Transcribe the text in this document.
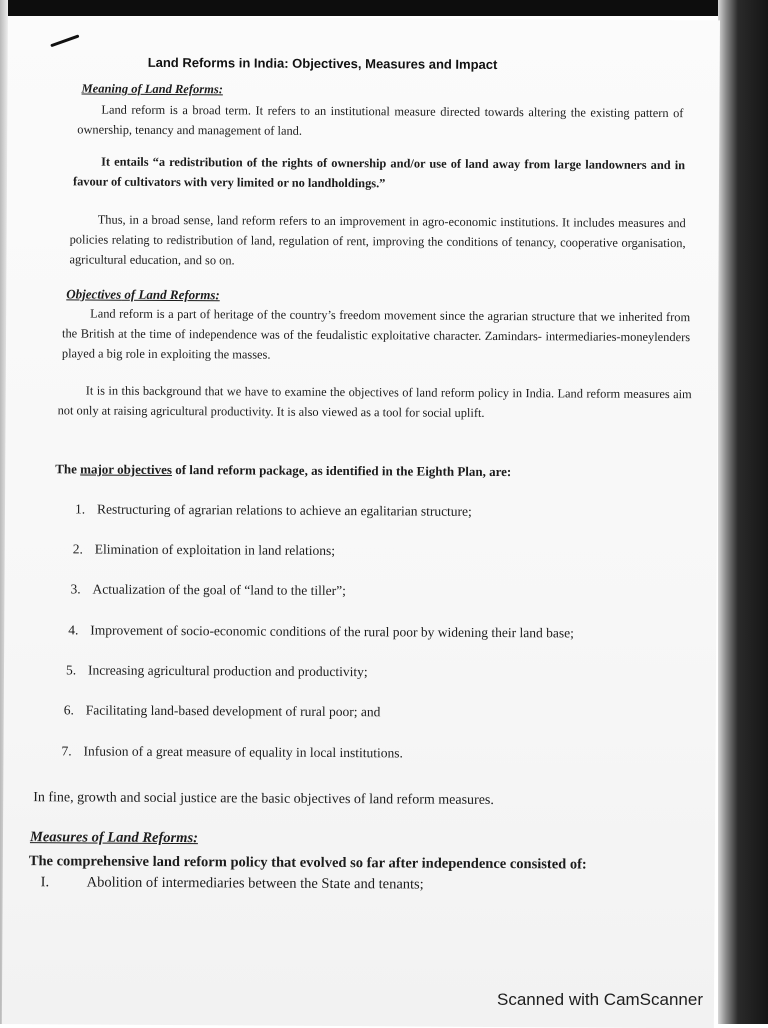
Land Reforms in India: Objectives, Measures and Impact
Meaning of Land Reforms:
Land reform is a broad term. It refers to an institutional measure directed towards altering the existing pattern of ownership, tenancy and management of land.
It entails “a redistribution of the rights of ownership and/or use of land away from large landowners and in favour of cultivators with very limited or no landholdings.”
Thus, in a broad sense, land reform refers to an improvement in agro-economic institutions. It includes measures and policies relating to redistribution of land, regulation of rent, improving the conditions of tenancy, cooperative organisation, agricultural education, and so on.
Objectives of Land Reforms:
Land reform is a part of heritage of the country’s freedom movement since the agrarian structure that we inherited from the British at the time of independence was of the feudalistic exploitative character. Zamindars- intermediaries-moneylenders played a big role in exploiting the masses.
It is in this background that we have to examine the objectives of land reform policy in India. Land reform measures aim not only at raising agricultural productivity. It is also viewed as a tool for social uplift.
The major objectives of land reform package, as identified in the Eighth Plan, are:
1. Restructuring of agrarian relations to achieve an egalitarian structure;
2. Elimination of exploitation in land relations;
3. Actualization of the goal of “land to the tiller”;
4. Improvement of socio-economic conditions of the rural poor by widening their land base;
5. Increasing agricultural production and productivity;
6. Facilitating land-based development of rural poor; and
7. Infusion of a great measure of equality in local institutions.
In fine, growth and social justice are the basic objectives of land reform measures.
Measures of Land Reforms:
The comprehensive land reform policy that evolved so far after independence consisted of:
I.	Abolition of intermediaries between the State and tenants;
Scanned with CamScanner
